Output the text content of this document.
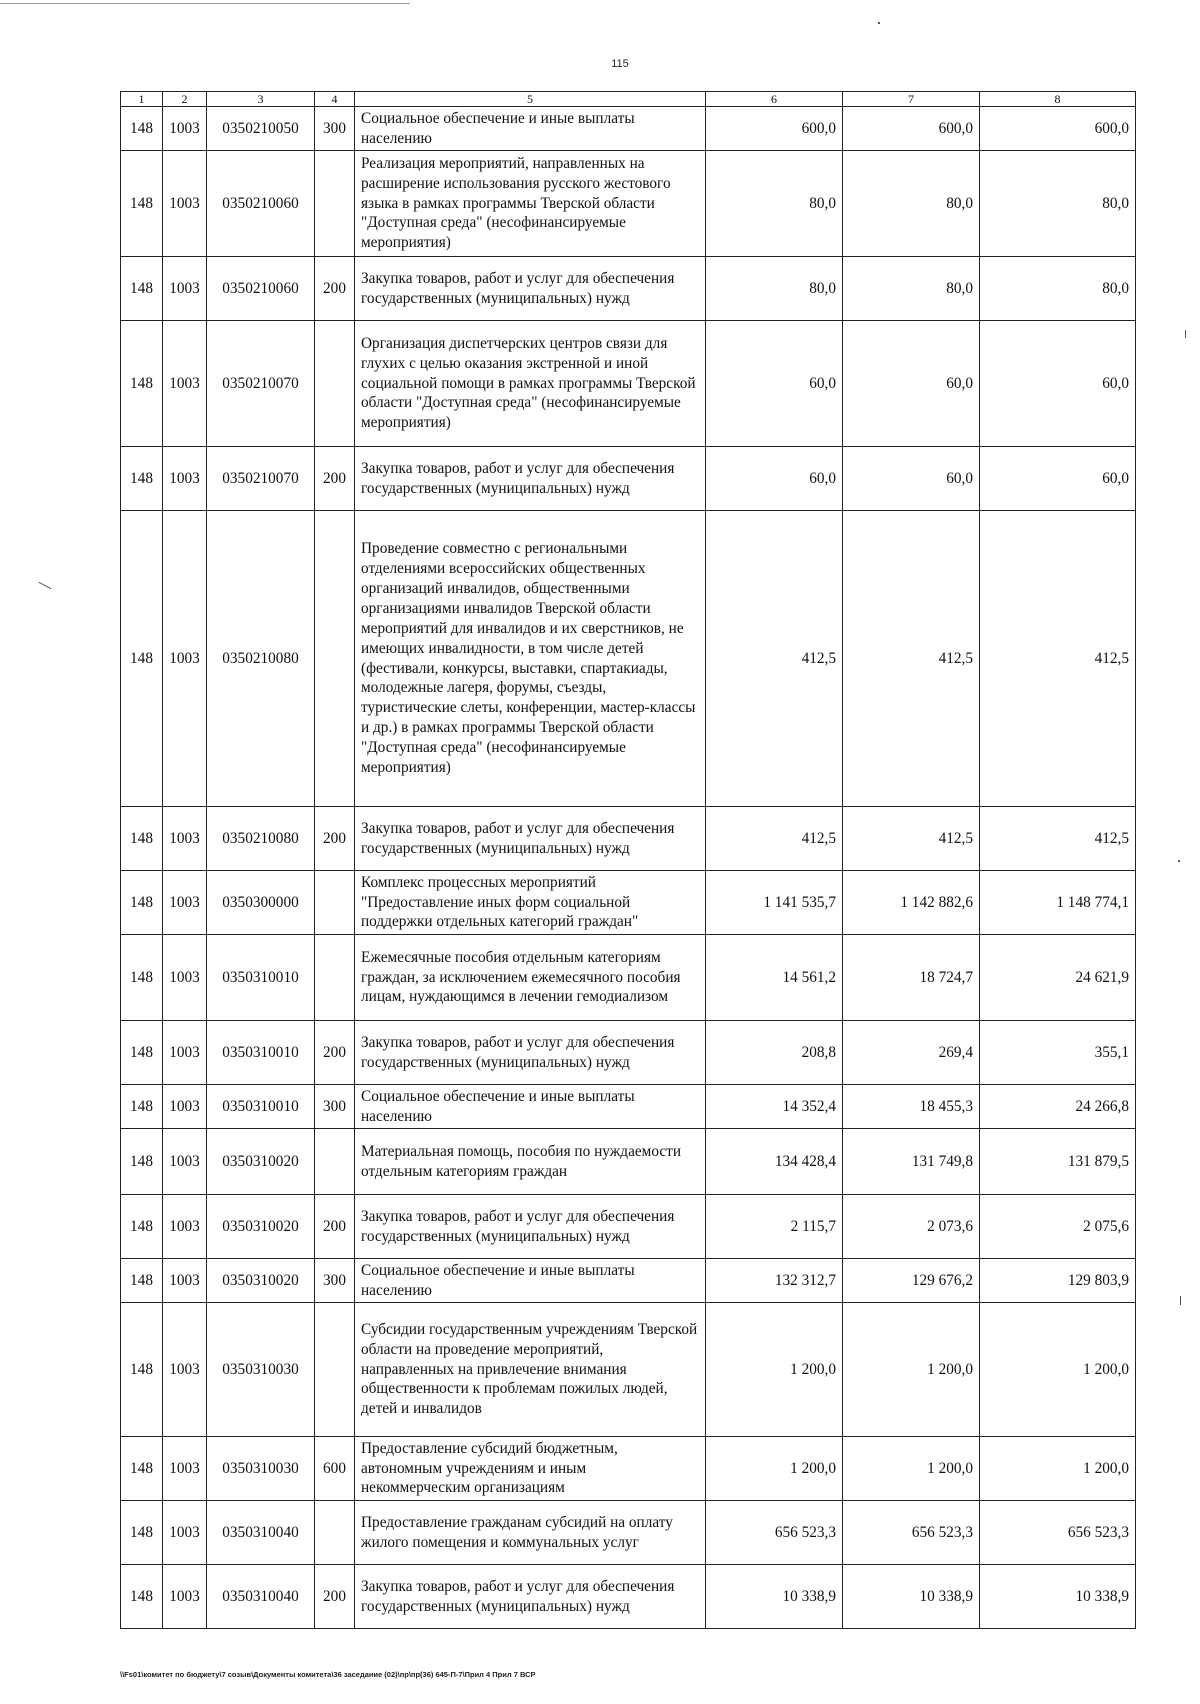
115
1	2	3	4	5	6	7	8
148	1003	0350210050	300	Социальное обеспечение и иные выплаты населению	600,0	600,0	600,0
148	1003	0350210060		Реализация мероприятий, направленных на расширение использования русского жестового языка в рамках программы Тверской области "Доступная среда" (несофинансируемые мероприятия)	80,0	80,0	80,0
148	1003	0350210060	200	Закупка товаров, работ и услуг для обеспечения государственных (муниципальных) нужд	80,0	80,0	80,0
148	1003	0350210070		Организация диспетчерских центров связи для глухих с целью оказания экстренной и иной социальной помощи в рамках программы Тверской области "Доступная среда" (несофинансируемые мероприятия)	60,0	60,0	60,0
148	1003	0350210070	200	Закупка товаров, работ и услуг для обеспечения государственных (муниципальных) нужд	60,0	60,0	60,0
148	1003	0350210080		Проведение совместно с региональными отделениями всероссийских общественных организаций инвалидов, общественными организациями инвалидов Тверской области мероприятий для инвалидов и их сверстников, не имеющих инвалидности, в том числе детей (фестивали, конкурсы, выставки, спартакиады, молодежные лагеря, форумы, съезды, туристические слеты, конференции, мастер-классы и др.) в рамках программы Тверской области "Доступная среда" (несофинансируемые мероприятия)	412,5	412,5	412,5
148	1003	0350210080	200	Закупка товаров, работ и услуг для обеспечения государственных (муниципальных) нужд	412,5	412,5	412,5
148	1003	0350300000		Комплекс процессных мероприятий "Предоставление иных форм социальной поддержки отдельных категорий граждан"	1 141 535,7	1 142 882,6	1 148 774,1
148	1003	0350310010		Ежемесячные пособия отдельным категориям граждан, за исключением ежемесячного пособия лицам, нуждающимся в лечении гемодиализом	14 561,2	18 724,7	24 621,9
148	1003	0350310010	200	Закупка товаров, работ и услуг для обеспечения государственных (муниципальных) нужд	208,8	269,4	355,1
148	1003	0350310010	300	Социальное обеспечение и иные выплаты населению	14 352,4	18 455,3	24 266,8
148	1003	0350310020		Материальная помощь, пособия по нуждаемости отдельным категориям граждан	134 428,4	131 749,8	131 879,5
148	1003	0350310020	200	Закупка товаров, работ и услуг для обеспечения государственных (муниципальных) нужд	2 115,7	2 073,6	2 075,6
148	1003	0350310020	300	Социальное обеспечение и иные выплаты населению	132 312,7	129 676,2	129 803,9
148	1003	0350310030		Субсидии государственным учреждениям Тверской области на проведение мероприятий, направленных на привлечение внимания общественности к проблемам пожилых людей, детей и инвалидов	1 200,0	1 200,0	1 200,0
148	1003	0350310030	600	Предоставление субсидий бюджетным, автономным учреждениям и иным некоммерческим организациям	1 200,0	1 200,0	1 200,0
148	1003	0350310040		Предоставление гражданам субсидий на оплату жилого помещения и коммунальных услуг	656 523,3	656 523,3	656 523,3
148	1003	0350310040	200	Закупка товаров, работ и услуг для обеспечения государственных (муниципальных) нужд	10 338,9	10 338,9	10 338,9
\\Fs01\комитет по бюджету\7 созыв\Документы комитета\36 заседание (02)\пр\пр(36) 645-П-7\Прил 4 Прил 7 ВСР
